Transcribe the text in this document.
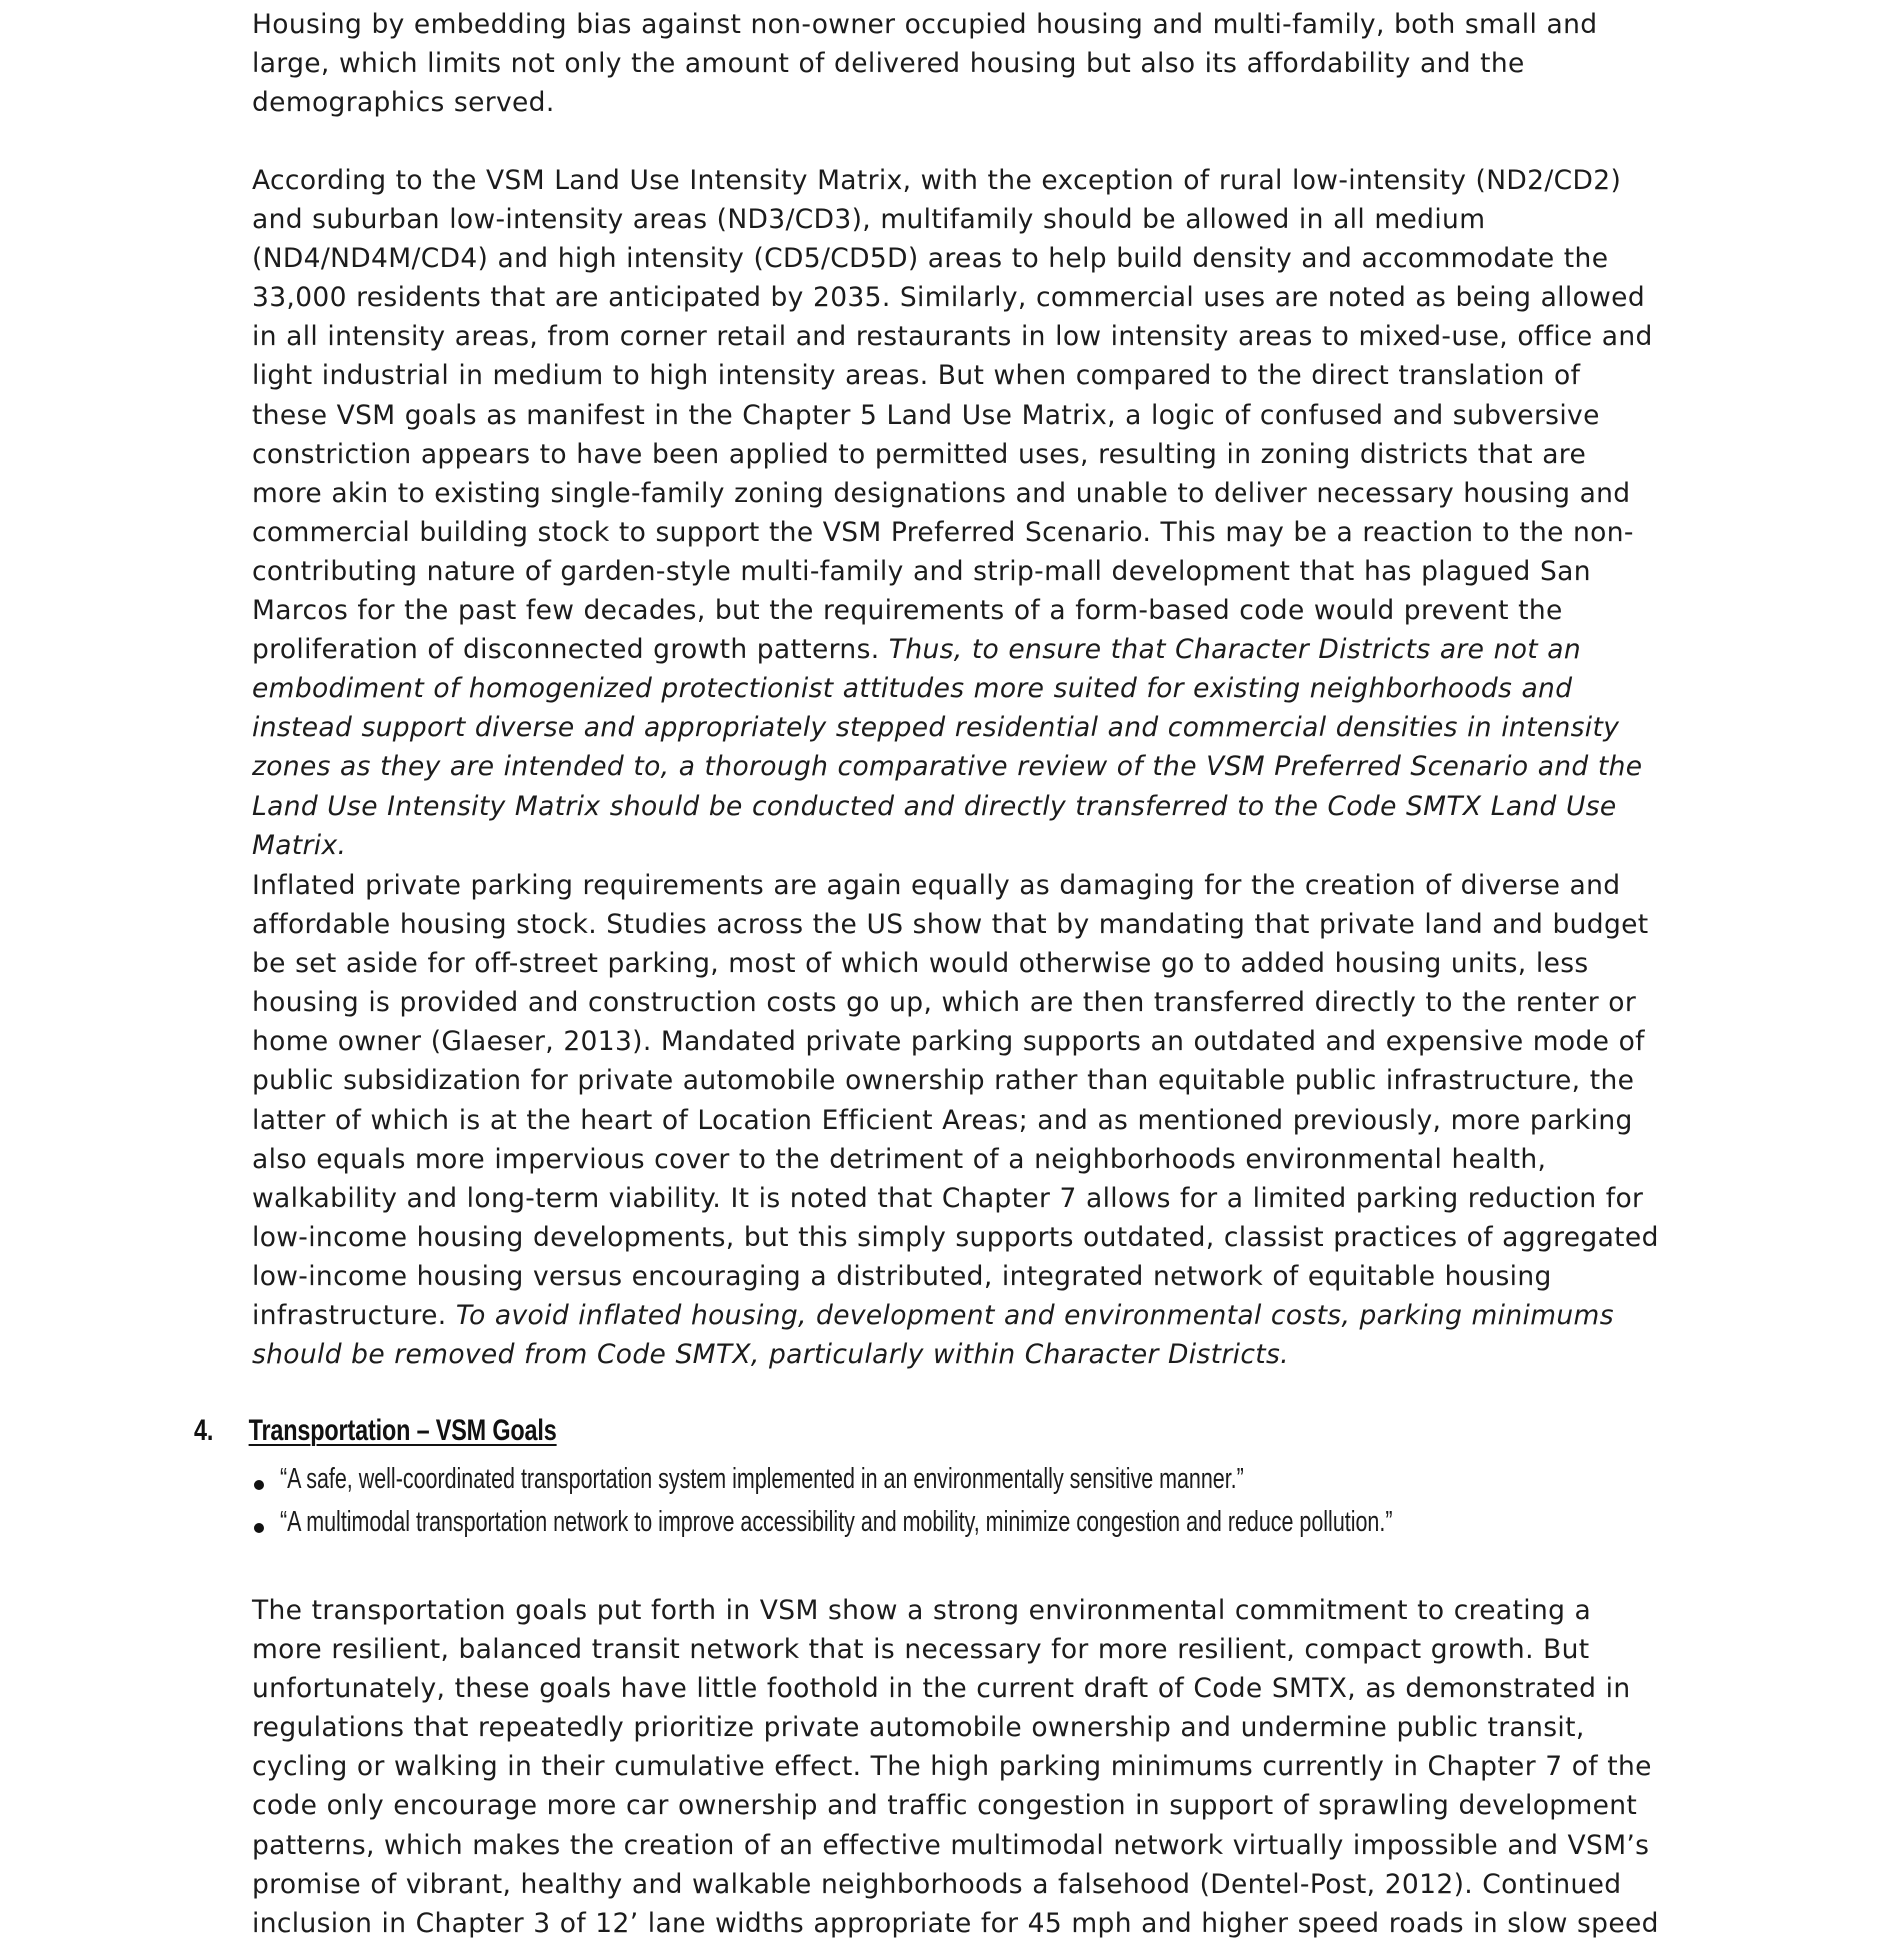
Housing by embedding bias against non-owner occupied housing and multi-family, both small and large, which limits not only the amount of delivered housing but also its affordability and the demographics served.

According to the VSM Land Use Intensity Matrix, with the exception of rural low-intensity (ND2/CD2) and suburban low-intensity areas (ND3/CD3), multifamily should be allowed in all medium (ND4/ND4M/CD4) and high intensity (CD5/CD5D) areas to help build density and accommodate the 33,000 residents that are anticipated by 2035. Similarly, commercial uses are noted as being allowed in all intensity areas, from corner retail and restaurants in low intensity areas to mixed-use, office and light industrial in medium to high intensity areas. But when compared to the direct translation of these VSM goals as manifest in the Chapter 5 Land Use Matrix, a logic of confused and subversive constriction appears to have been applied to permitted uses, resulting in zoning districts that are more akin to existing single-family zoning designations and unable to deliver necessary housing and commercial building stock to support the VSM Preferred Scenario. This may be a reaction to the non-contributing nature of garden-style multi-family and strip-mall development that has plagued San Marcos for the past few decades, but the requirements of a form-based code would prevent the proliferation of disconnected growth patterns. Thus, to ensure that Character Districts are not an embodiment of homogenized protectionist attitudes more suited for existing neighborhoods and instead support diverse and appropriately stepped residential and commercial densities in intensity zones as they are intended to, a thorough comparative review of the VSM Preferred Scenario and the Land Use Intensity Matrix should be conducted and directly transferred to the Code SMTX Land Use Matrix.

Inflated private parking requirements are again equally as damaging for the creation of diverse and affordable housing stock. Studies across the US show that by mandating that private land and budget be set aside for off-street parking, most of which would otherwise go to added housing units, less housing is provided and construction costs go up, which are then transferred directly to the renter or home owner (Glaeser, 2013). Mandated private parking supports an outdated and expensive mode of public subsidization for private automobile ownership rather than equitable public infrastructure, the latter of which is at the heart of Location Efficient Areas; and as mentioned previously, more parking also equals more impervious cover to the detriment of a neighborhoods environmental health, walkability and long-term viability. It is noted that Chapter 7 allows for a limited parking reduction for low-income housing developments, but this simply supports outdated, classist practices of aggregated low-income housing versus encouraging a distributed, integrated network of equitable housing infrastructure. To avoid inflated housing, development and environmental costs, parking minimums should be removed from Code SMTX, particularly within Character Districts.

4. Transportation – VSM Goals
“A safe, well-coordinated transportation system implemented in an environmentally sensitive manner.”
“A multimodal transportation network to improve accessibility and mobility, minimize congestion and reduce pollution.”

The transportation goals put forth in VSM show a strong environmental commitment to creating a more resilient, balanced transit network that is necessary for more resilient, compact growth. But unfortunately, these goals have little foothold in the current draft of Code SMTX, as demonstrated in regulations that repeatedly prioritize private automobile ownership and undermine public transit, cycling or walking in their cumulative effect. The high parking minimums currently in Chapter 7 of the code only encourage more car ownership and traffic congestion in support of sprawling development patterns, which makes the creation of an effective multimodal network virtually impossible and VSM’s promise of vibrant, healthy and walkable neighborhoods a falsehood (Dentel-Post, 2012). Continued inclusion in Chapter 3 of 12’ lane widths appropriate for 45 mph and higher speed roads in slow speed
